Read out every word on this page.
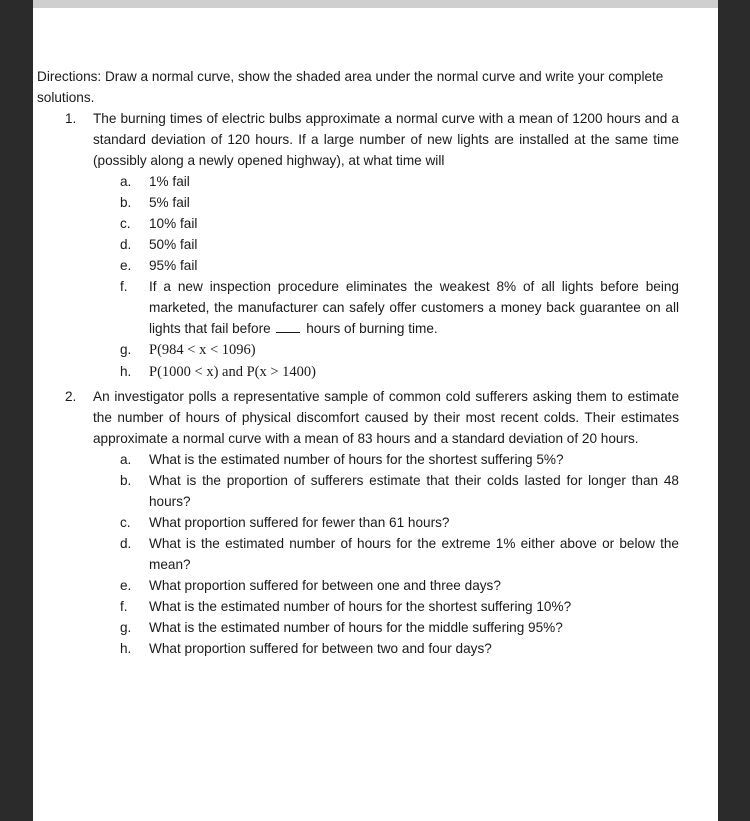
Directions: Draw a normal curve, show the shaded area under the normal curve and write your complete solutions.

1. The burning times of electric bulbs approximate a normal curve with a mean of 1200 hours and a standard deviation of 120 hours. If a large number of new lights are installed at the same time (possibly along a newly opened highway), at what time will
a. 1% fail
b. 5% fail
c. 10% fail
d. 50% fail
e. 95% fail
f. If a new inspection procedure eliminates the weakest 8% of all lights before being marketed, the manufacturer can safely offer customers a money back guarantee on all lights that fail before	hours of burning time.
g. P(984 < x < 1096)
h. P(1000 < x) and P(x > 1400)
2. An investigator polls a representative sample of common cold sufferers asking them to estimate the number of hours of physical discomfort caused by their most recent colds. Their estimates approximate a normal curve with a mean of 83 hours and a standard deviation of 20 hours.
a. What is the estimated number of hours for the shortest suffering 5%?
b. What is the proportion of sufferers estimate that their colds lasted for longer than 48 hours?
c. What proportion suffered for fewer than 61 hours?
d. What is the estimated number of hours for the extreme 1% either above or below the mean?
e. What proportion suffered for between one and three days?
f. What is the estimated number of hours for the shortest suffering 10%?
g. What is the estimated number of hours for the middle suffering 95%?
h. What proportion suffered for between two and four days?
